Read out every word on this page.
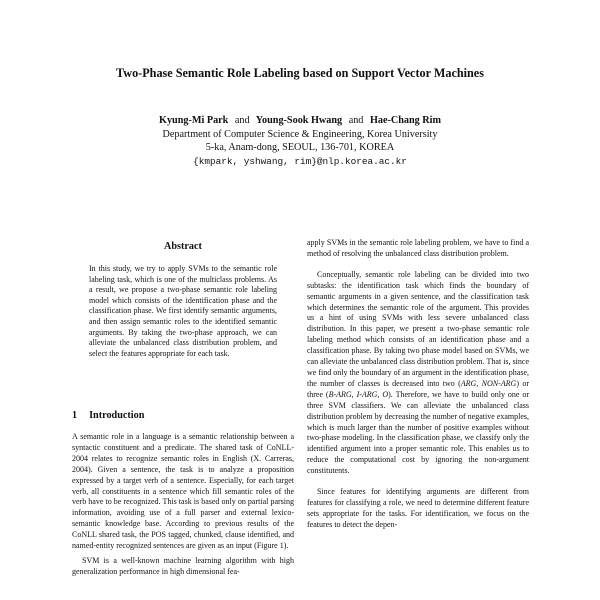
Two-Phase Semantic Role Labeling based on Support Vector Machines
Kyung-Mi Park and Young-Sook Hwang and Hae-Chang Rim
Department of Computer Science & Engineering, Korea University
5-ka, Anam-dong, SEOUL, 136-701, KOREA
{kmpark, yshwang, rim}@nlp.korea.ac.kr
Abstract
In this study, we try to apply SVMs to the semantic role labeling task, which is one of the multiclass problems. As a result, we propose a two-phase semantic role labeling model which consists of the identification phase and the classification phase. We first identify semantic arguments, and then assign semantic roles to the identified semantic arguments. By taking the two-phase approach, we can alleviate the unbalanced class distribution problem, and select the features appropriate for each task.
1 Introduction

A semantic role in a language is a semantic relationship between a syntactic constituent and a predicate. The shared task of CoNLL-2004 relates to recognize semantic roles in English (X. Carreras, 2004). Given a sentence, the task is to analyze a proposition expressed by a target verb of a sentence. Especially, for each target verb, all constituents in a sentence which fill semantic roles of the verb have to be recognized. This task is based only on partial parsing information, avoiding use of a full parser and external lexico-semantic knowledge base. According to previous results of the CoNLL shared task, the POS tagged, chunked, clause identified, and named-entity recognized sentences are given as an input (Figure 1).

SVM is a well-known machine learning algorithm with high generalization performance in high dimensional fea-

apply SVMs in the semantic role labeling problem, we have to find a method of resolving the unbalanced class distribution problem.

Conceptually, semantic role labeling can be divided into two subtasks: the identification task which finds the boundary of semantic arguments in a given sentence, and the classification task which determines the semantic role of the argument. This provides us a hint of using SVMs with less severe unbalanced class distribution. In this paper, we present a two-phase semantic role labeling method which consists of an identification phase and a classification phase. By taking two phase model based on SVMs, we can alleviate the unbalanced class distribution problem. That is, since we find only the boundary of an argument in the identification phase, the number of classes is decreased into two (ARG, NON-ARG) or three (B-ARG, I-ARG, O). Therefore, we have to build only one or three SVM classifiers. We can alleviate the unbalanced class distribution problem by decreasing the number of negative examples, which is much larger than the number of positive examples without two-phase modeling. In the classification phase, we classify only the identified argument into a proper semantic role. This enables us to reduce the computational cost by ignoring the non-argument constitutents.

Since features for identifying arguments are different from features for classifying a role, we need to determine different feature sets appropriate for the tasks. For identification, we focus on the features to detect the depen-
